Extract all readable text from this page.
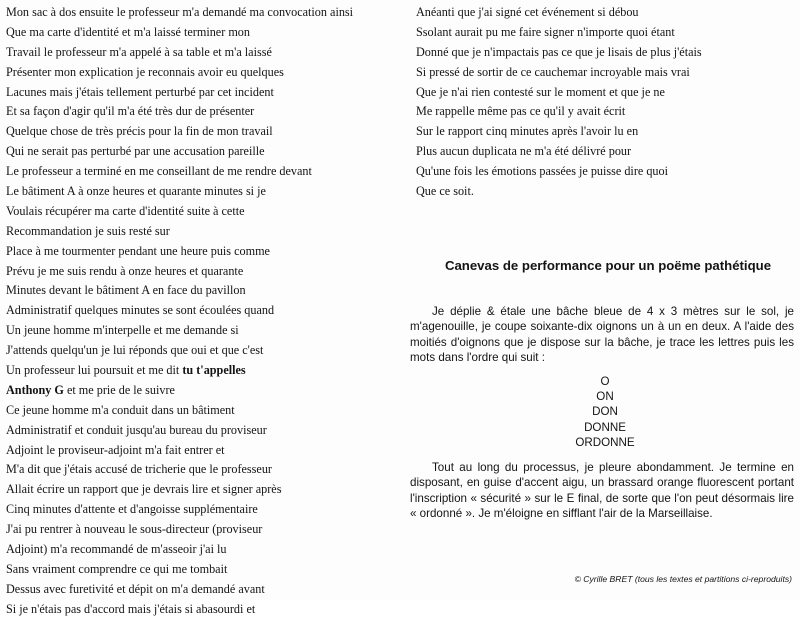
Mon sac à dos ensuite le professeur m'a demandé ma convocation ainsi
Que ma carte d'identité et m'a laissé terminer mon
Travail le professeur m'a appelé à sa table et m'a laissé
Présenter mon explication je reconnais avoir eu quelques
Lacunes mais j'étais tellement perturbé par cet incident
Et sa façon d'agir qu'il m'a été très dur de présenter
Quelque chose de très précis pour la fin de mon travail
Qui ne serait pas perturbé par une accusation pareille
Le professeur a terminé en me conseillant de me rendre devant
Le bâtiment A à onze heures et quarante minutes si je
Voulais récupérer ma carte d'identité suite à cette
Recommandation je suis resté sur
Place à me tourmenter pendant une heure puis comme
Prévu je me suis rendu à onze heures et quarante
Minutes devant le bâtiment A en face du pavillon
Administratif quelques minutes se sont écoulées quand
Un jeune homme m'interpelle et me demande si
J'attends quelqu'un je lui réponds que oui et que c'est
Un professeur lui poursuit et me dit tu t'appelles
Anthony G et me prie de le suivre
Ce jeune homme m'a conduit dans un bâtiment
Administratif et conduit jusqu'au bureau du proviseur
Adjoint le proviseur-adjoint m'a fait entrer et
M'a dit que j'étais accusé de tricherie que le professeur
Allait écrire un rapport que je devrais lire et signer après
Cinq minutes d'attente et d'angoisse supplémentaire
J'ai pu rentrer à nouveau le sous-directeur (proviseur
Adjoint) m'a recommandé de m'asseoir j'ai lu
Sans vraiment comprendre ce qui me tombait
Dessus avec furetivité et dépit on m'a demandé avant
Si je n'étais pas d'accord mais j'étais si abasourdi et
Anéanti que j'ai signé cet événement si débou
Ssolant aurait pu me faire signer n'importe quoi étant
Donné que je n'impactais pas ce que je lisais de plus j'étais
Si pressé de sortir de ce cauchemar incroyable mais vrai
Que je n'ai rien contesté sur le moment et que je ne
Me rappelle même pas ce qu'il y avait écrit
Sur le rapport cinq minutes après l'avoir lu en
Plus aucun duplicata ne m'a été délivré pour
Qu'une fois les émotions passées je puisse dire quoi
Que ce soit.
Canevas de performance pour un poëme pathétique
Je déplie & étale une bâche bleue de 4 x 3 mètres sur le sol, je m'agenouille, je coupe soixante-dix oignons un à un en deux. A l'aide des moitiés d'oignons que je dispose sur la bâche, je trace les lettres puis les mots dans l'ordre qui suit :
O
ON
DON
DONNE
ORDONNE
Tout au long du processus, je pleure abondamment. Je termine en disposant, en guise d'accent aigu, un brassard orange fluorescent portant l'inscription « sécurité » sur le E final, de sorte que l'on peut désormais lire « ordonné ». Je m'éloigne en sifflant l'air de la Marseillaise.
© Cyrille BRET (tous les textes et partitions ci-reproduits)
